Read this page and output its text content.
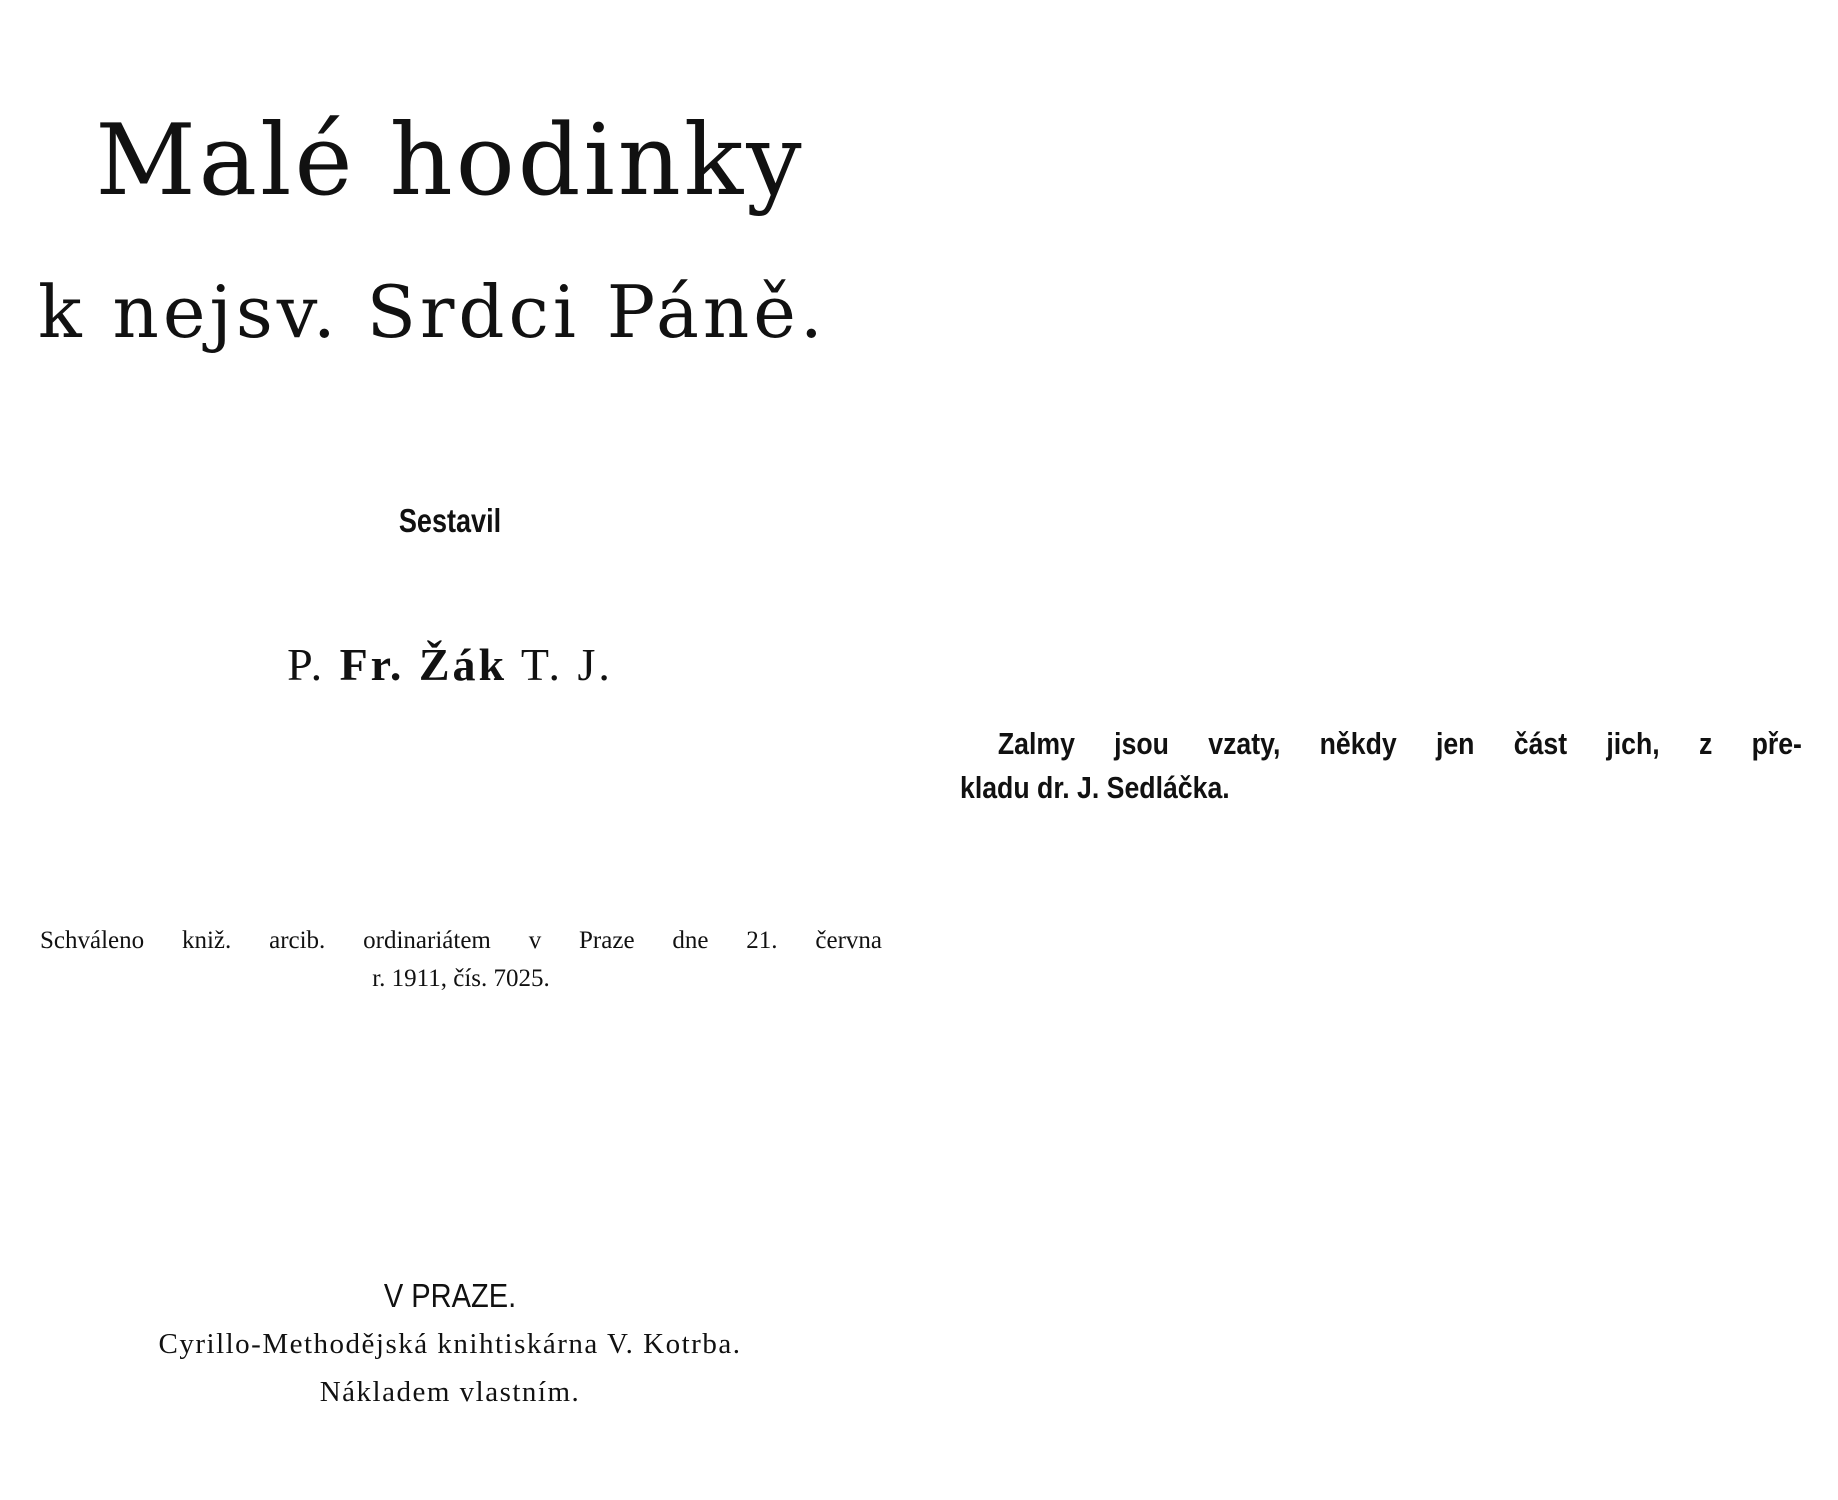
Malé hodinky
k nejsv. Srdci Páně.
Sestavil
P. Fr. Žák T. J.
Schváleno kniž. arcib. ordinariátem v Praze dne 21. června
r. 1911, čís. 7025.
V PRAZE.
Cyrillo-Methodějská knihtiskárna V. Kotrba.
Nákladem vlastním.
Zalmy jsou vzaty, někdy jen část jich, z pře-
kladu dr. J. Sedláčka.
